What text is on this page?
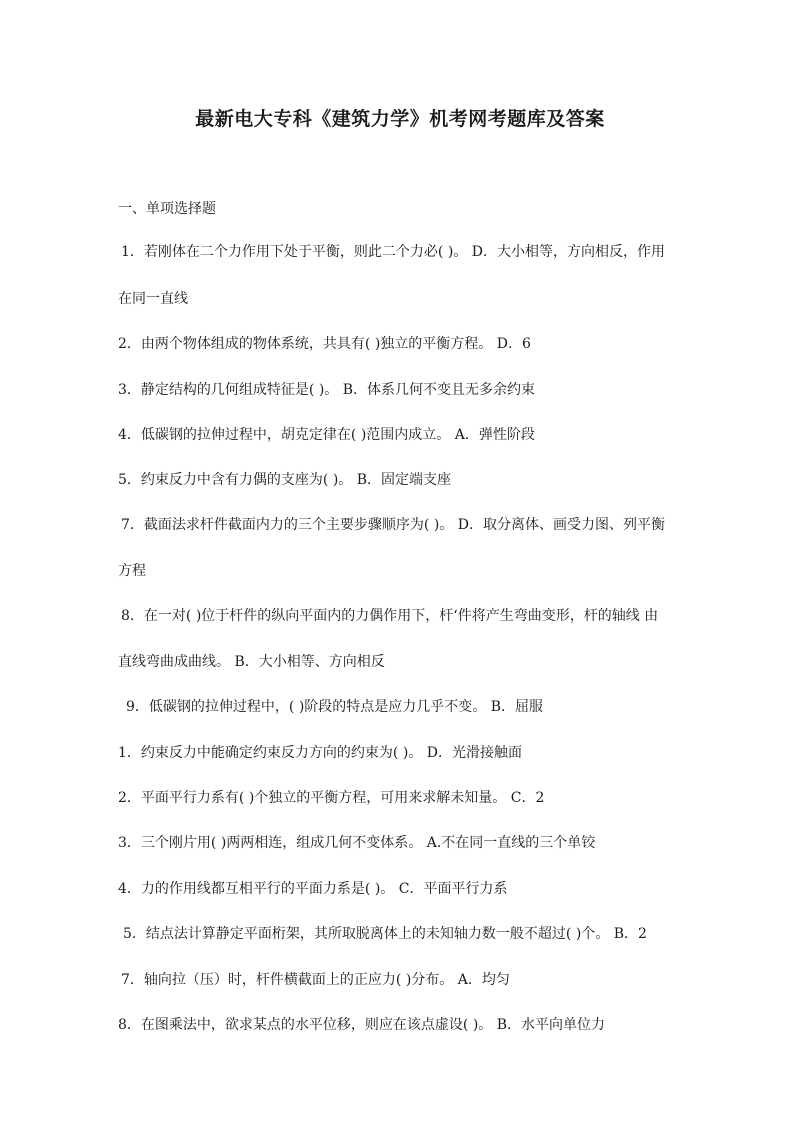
最新电大专科《建筑力学》机考网考题库及答案

一、单项选择题

1．若刚体在二个力作用下处于平衡，则此二个力必( )。 D．大小相等，方向相反，作用

在同一直线

2．由两个物体组成的物体系统，共具有( )独立的平衡方程。 D．6

3．静定结构的几何组成特征是( )。 B．体系几何不变且无多余约束

4．低碳钢的拉伸过程中，胡克定律在( )范围内成立。 A．弹性阶段

5．约束反力中含有力偶的支座为( )。 B．固定端支座

7．截面法求杆件截面内力的三个主要步骤顺序为( )。 D．取分离体、画受力图、列平衡

方程

8．在一对( )位于杆件的纵向平面内的力偶作用下，杆‘件将产生弯曲变形，杆的轴线 由

直线弯曲成曲线。 B．大小相等、方向相反

9．低碳钢的拉伸过程中，( )阶段的特点是应力几乎不变。 B．屈服

1．约束反力中能确定约束反力方向的约束为( )。 D．光滑接触面

2．平面平行力系有( )个独立的平衡方程，可用来求解未知量。 C．2

3．三个刚片用( )两两相连，组成几何不变体系。 A.不在同一直线的三个单铰

4．力的作用线都互相平行的平面力系是( )。 C．平面平行力系

5．结点法计算静定平面桁架，其所取脱离体上的未知轴力数一般不超过( )个。 B．2

7．轴向拉（压）时，杆件横截面上的正应力( )分布。 A．均匀

8．在图乘法中，欲求某点的水平位移，则应在该点虚设( )。 B．水平向单位力
